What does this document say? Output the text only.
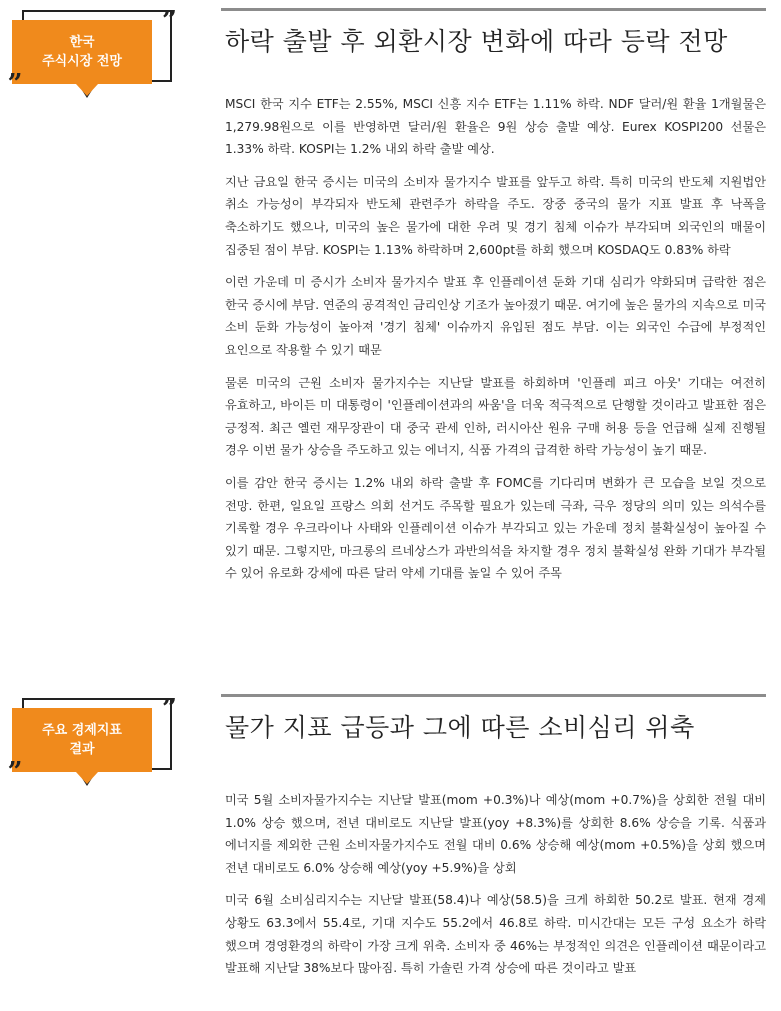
한국
주식시장 전망
”
„
하락 출발 후 외환시장 변화에 따라 등락 전망

MSCI 한국 지수 ETF는 2.55%, MSCI 신흥 지수 ETF는 1.11% 하락. NDF 달러/원 환율 1개월물은 1,279.98원으로 이를 반영하면 달러/원 환율은 9원 상승 출발 예상. Eurex KOSPI200 선물은 1.33% 하락. KOSPI는 1.2% 내외 하락 출발 예상.

지난 금요일 한국 증시는 미국의 소비자 물가지수 발표를 앞두고 하락. 특히 미국의 반도체 지원법안 취소 가능성이 부각되자 반도체 관련주가 하락을 주도. 장중 중국의 물가 지표 발표 후 낙폭을 축소하기도 했으나, 미국의 높은 물가에 대한 우려 및 경기 침체 이슈가 부각되며 외국인의 매물이 집중된 점이 부담. KOSPI는 1.13% 하락하며 2,600pt를 하회 했으며 KOSDAQ도 0.83% 하락

이런 가운데 미 증시가 소비자 물가지수 발표 후 인플레이션 둔화 기대 심리가 약화되며 급락한 점은 한국 증시에 부담. 연준의 공격적인 금리인상 기조가 높아졌기 때문. 여기에 높은 물가의 지속으로 미국 소비 둔화 가능성이 높아져 '경기 침체' 이슈까지 유입된 점도 부담. 이는 외국인 수급에 부정적인 요인으로 작용할 수 있기 때문

물론 미국의 근원 소비자 물가지수는 지난달 발표를 하회하며 '인플레 피크 아웃' 기대는 여전히 유효하고, 바이든 미 대통령이 '인플레이션과의 싸움'을 더욱 적극적으로 단행할 것이라고 발표한 점은 긍정적. 최근 옐런 재무장관이 대 중국 관세 인하, 러시아산 원유 구매 허용 등을 언급해 실제 진행될 경우 이번 물가 상승을 주도하고 있는 에너지, 식품 가격의 급격한 하락 가능성이 높기 때문.

이를 감안 한국 증시는 1.2% 내외 하락 출발 후 FOMC를 기다리며 변화가 큰 모습을 보일 것으로 전망. 한편, 일요일 프랑스 의회 선거도 주목할 필요가 있는데 극좌, 극우 정당의 의미 있는 의석수를 기록할 경우 우크라이나 사태와 인플레이션 이슈가 부각되고 있는 가운데 정치 불확실성이 높아질 수 있기 때문. 그렇지만, 마크롱의 르네상스가 과반의석을 차지할 경우 정치 불확실성 완화 기대가 부각될 수 있어 유로화 강세에 따른 달러 약세 기대를 높일 수 있어 주목

주요 경제지표
결과
”
„
물가 지표 급등과 그에 따른 소비심리 위축

미국 5월 소비자물가지수는 지난달 발표(mom +0.3%)나 예상(mom +0.7%)을 상회한 전월 대비 1.0% 상승 했으며, 전년 대비로도 지난달 발표(yoy +8.3%)를 상회한 8.6% 상승을 기록. 식품과 에너지를 제외한 근원 소비자물가지수도 전월 대비 0.6% 상승해 예상(mom +0.5%)을 상회 했으며 전년 대비로도 6.0% 상승해 예상(yoy +5.9%)을 상회

미국 6월 소비심리지수는 지난달 발표(58.4)나 예상(58.5)을 크게 하회한 50.2로 발표. 현재 경제 상황도 63.3에서 55.4로, 기대 지수도 55.2에서 46.8로 하락. 미시간대는 모든 구성 요소가 하락 했으며 경영환경의 하락이 가장 크게 위축. 소비자 중 46%는 부정적인 의견은 인플레이션 때문이라고 발표해 지난달 38%보다 많아짐. 특히 가솔린 가격 상승에 따른 것이라고 발표
